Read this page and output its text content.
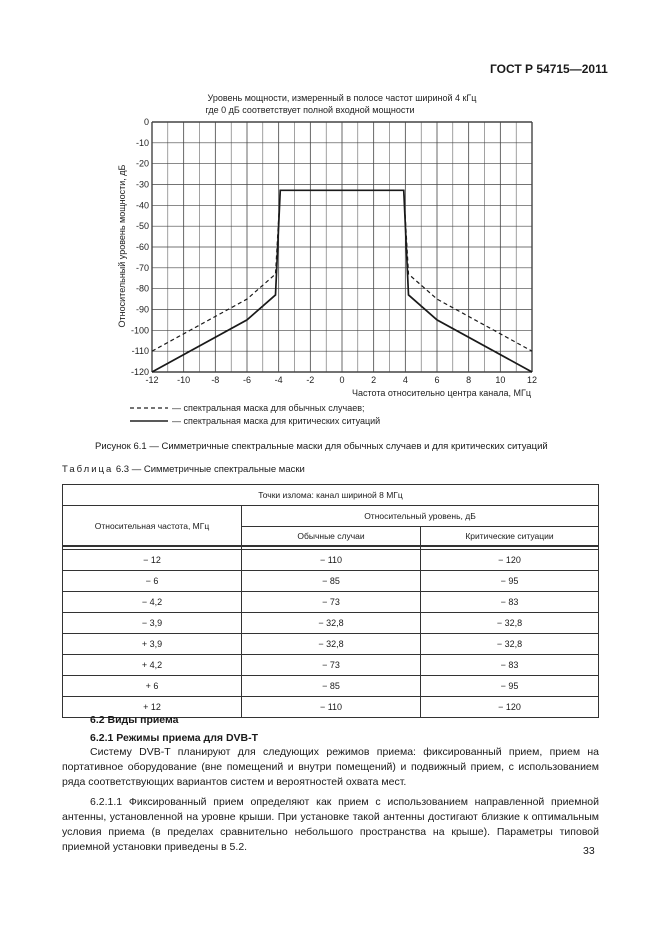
ГОСТ Р 54715—2011
Уровень мощности, измеренный в полосе частот шириной 4 кГц
где 0 дБ соответствует полной входной мощности
0
-10
-20
-30
-40
-50
-60
-70
-80
-90
-100
-110
-120
-12 -10 -8	-6	-4	-2	0	2	4	6	8	10 12
Относительный уровень мощности, дБ
Частота относительно центра канала, МГц
— спектральная маска для обычных случаев;
— спектральная маска для критических ситуаций
Рисунок 6.1 — Симметричные спектральные маски для обычных случаев и для критических ситуаций
Таблица 6.3 — Симметричные спектральные маски
Точки излома: канал шириной 8 МГц		
Относительная частота, МГц	Относительный уровень, дБ	
	Обычные случаи	Критические ситуации

− 12	− 110	− 120
− 6	− 85	− 95
− 4,2	− 73	− 83
− 3,9	− 32,8	− 32,8
+ 3,9	− 32,8	− 32,8
+ 4,2	− 73	− 83
+ 6	− 85	− 95
+ 12	− 110	− 120
6.2 Виды приема
6.2.1 Режимы приема для DVB-T

Систему DVB-T планируют для следующих режимов приема: фиксированный прием, прием на портативное оборудование (вне помещений и внутри помещений) и подвижный прием, с использованием ряда соответствующих вариантов систем и вероятностей охвата мест.

6.2.1.1 Фиксированный прием определяют как прием с использованием направленной приемной антенны, установленной на уровне крыши. При установке такой антенны достигают близкие к оптимальным условия приема (в пределах сравнительно небольшого пространства на крыше). Параметры типовой приемной установки приведены в 5.2.	33
